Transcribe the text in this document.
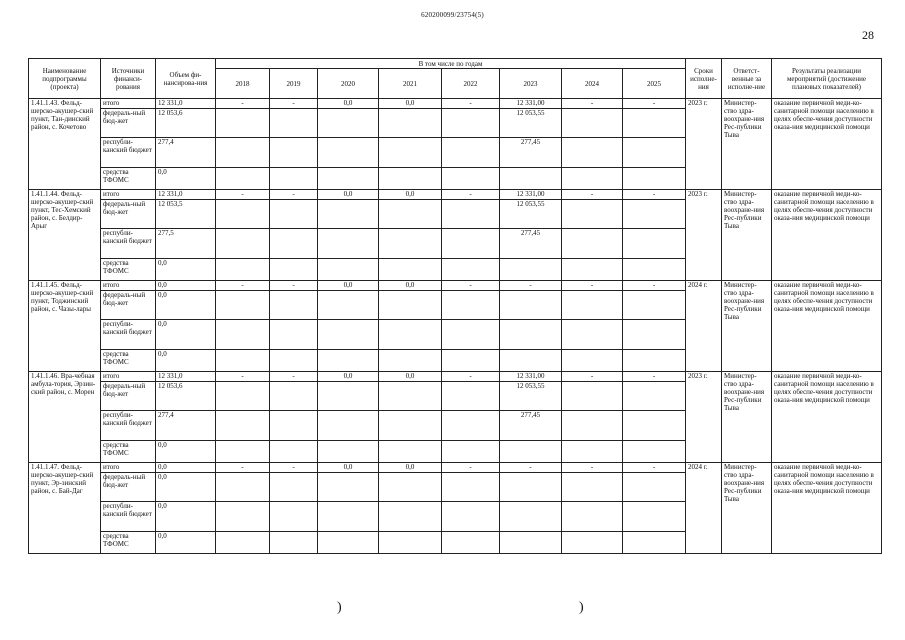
620200099/23754(5)
28
Наименование подпрограммы (проекта)	Источники финанси-рования	Объем фи-нансирова-ния	В том числе по годам								Сроки исполне-ния	Ответст-венные за исполне-ние	Результаты реализации мероприятий (достижение плановых показателей)
			2018	2019	2020	2021	2022	2023	2024	2025			
1.41.1.43. Фельд-шерско-акушер-ский пункт, Тан-динский район, с. Кочетово	итого	12 331,0	-	-	0,0	0,0	-	12 331,00	-	-	2023 г.	Министер-ство здра-воохране-ния Рес-публики Тыва	оказание первичной меди-ко-санитарной помощи населению в целях обеспе-чения доступности оказа-ния медицинской помощи
	федераль-ный бюд-жет	12 053,6						12 053,55					
	республи-канский бюджет	277,4						277,45					
	средства ТФОМС	0,0											
1.41.1.44. Фельд-шерско-акушер-ский пункт, Тес-Хемский район, с. Белдир-Арыг	итого	12 331,0	-	-	0,0	0,0	-	12 331,00	-	-	2023 г.	Министер-ство здра-воохране-ния Рес-публики Тыва	оказание первичной меди-ко-санитарной помощи населению в целях обеспе-чения доступности оказа-ния медицинской помощи
	федераль-ный бюд-жет	12 053,5						12 053,55					
	республи-канский бюджет	277,5						277,45					
	средства ТФОМС	0,0											
1.41.1.45. Фельд-шерско-акушер-ский пункт, Тоджинский район, с. Чазы-лары	итого	0,0	-	-	0,0	0,0	-	-	-	-	2024 г.	Министер-ство здра-воохране-ния Рес-публики Тыва	оказание первичной меди-ко-санитарной помощи населению в целях обеспе-чения доступности оказа-ния медицинской помощи
	федераль-ный бюд-жет	0,0											
	республи-канский бюджет	0,0											
	средства ТФОМС	0,0											
1.41.1.46. Вра-чебная амбула-тория, Эрзин-ский район, с. Морен	итого	12 331,0	-	-	0,0	0,0	-	12 331,00	-	-	2023 г.	Министер-ство здра-воохране-ния Рес-публики Тыва	оказание первичной меди-ко-санитарной помощи населению в целях обеспе-чения доступности оказа-ния медицинской помощи
	федераль-ный бюд-жет	12 053,6						12 053,55					
	республи-канский бюджет	277,4						277,45					
	средства ТФОМС	0,0											
1.41.1.47. Фельд-шерско-акушер-ский пункт, Эр-зинский район, с. Бай-Даг	итого	0,0	-	-	0,0	0,0	-	-	-	-	2024 г.	Министер-ство здра-воохране-ния Рес-публики Тыва	оказание первичной меди-ко-санитарной помощи населению в целях обеспе-чения доступности оказа-ния медицинской помощи
	федераль-ный бюд-жет	0,0											
	республи-канский бюджет	0,0											
	средства ТФОМС	0,0											
)	)
